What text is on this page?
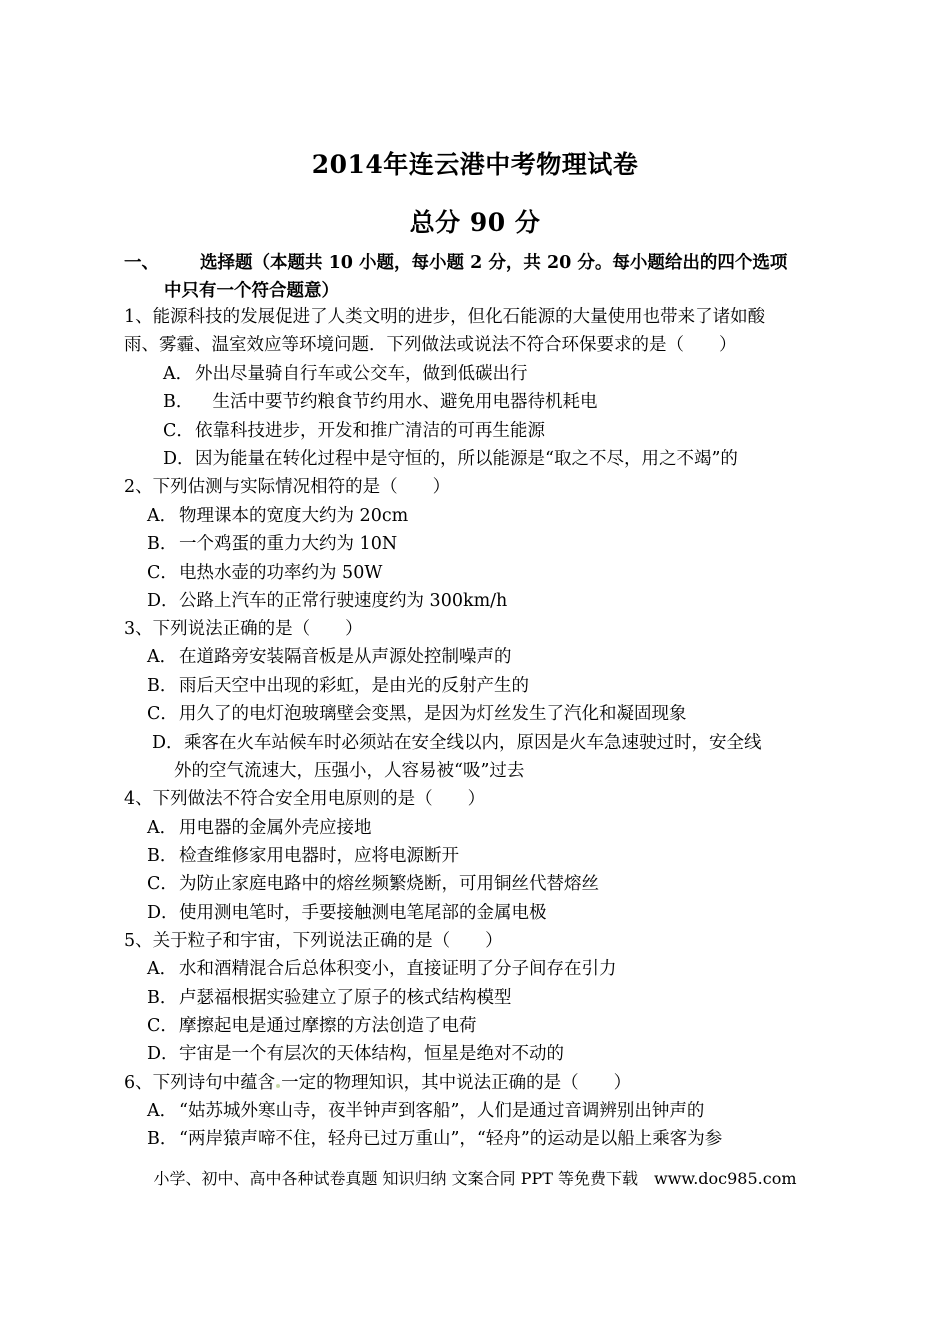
2014年连云港中考物理试卷
总分 90 分
一、 选择题（本题共 10 小题，每小题 2 分，共 20 分。每小题给出的四个选项
中只有一个符合题意）
1、能源科技的发展促进了人类文明的进步，但化石能源的大量使用也带来了诸如酸
雨、雾霾、温室效应等环境问题．下列做法或说法不符合环保要求的是（　　）
A． 外出尽量骑自行车或公交车，做到低碳出行
B．　生活中要节约粮食节约用水、避免用电器待机耗电
C．依靠科技进步，开发和推广清洁的可再生能源
D．因为能量在转化过程中是守恒的，所以能源是“取之不尽，用之不竭”的
2、下列估测与实际情况相符的是（　　）
A． 物理课本的宽度大约为 20cm
B．一个鸡蛋的重力大约为 10N
C．电热水壶的功率约为 50W
D．公路上汽车的正常行驶速度约为 300km/h
3、下列说法正确的是（　　）
A． 在道路旁安装隔音板是从声源处控制噪声的
B．雨后天空中出现的彩虹，是由光的反射产生的
C．用久了的电灯泡玻璃壁会变黑，是因为灯丝发生了汽化和凝固现象
D．乘客在火车站候车时必须站在安全线以内，原因是火车急速驶过时，安全线
外的空气流速大，压强小，人容易被“吸”过去
4、下列做法不符合安全用电原则的是（　　）
A． 用电器的金属外壳应接地
B．检查维修家用电器时，应将电源断开
C．为防止家庭电路中的熔丝频繁烧断，可用铜丝代替熔丝
D．使用测电笔时，手要接触测电笔尾部的金属电极
5、关于粒子和宇宙，下列说法正确的是（　　）
A． 水和酒精混合后总体积变小，直接证明了分子间存在引力
B．卢瑟福根据实验建立了原子的核式结构模型
C．摩擦起电是通过摩擦的方法创造了电荷
D．宇宙是一个有层次的天体结构，恒星是绝对不动的
6、下列诗句中蕴含 一定的物理知识，其中说法正确的是（　　）
A． “姑苏城外寒山寺，夜半钟声到客船”，人们是通过音调辨别出钟声的
B．“两岸猿声啼不住，轻舟已过万重山”，“轻舟”的运动是以船上乘客为参
小学、初中、高中各种试卷真题 知识归纳 文案合同 PPT 等免费下载　www.doc985.com
